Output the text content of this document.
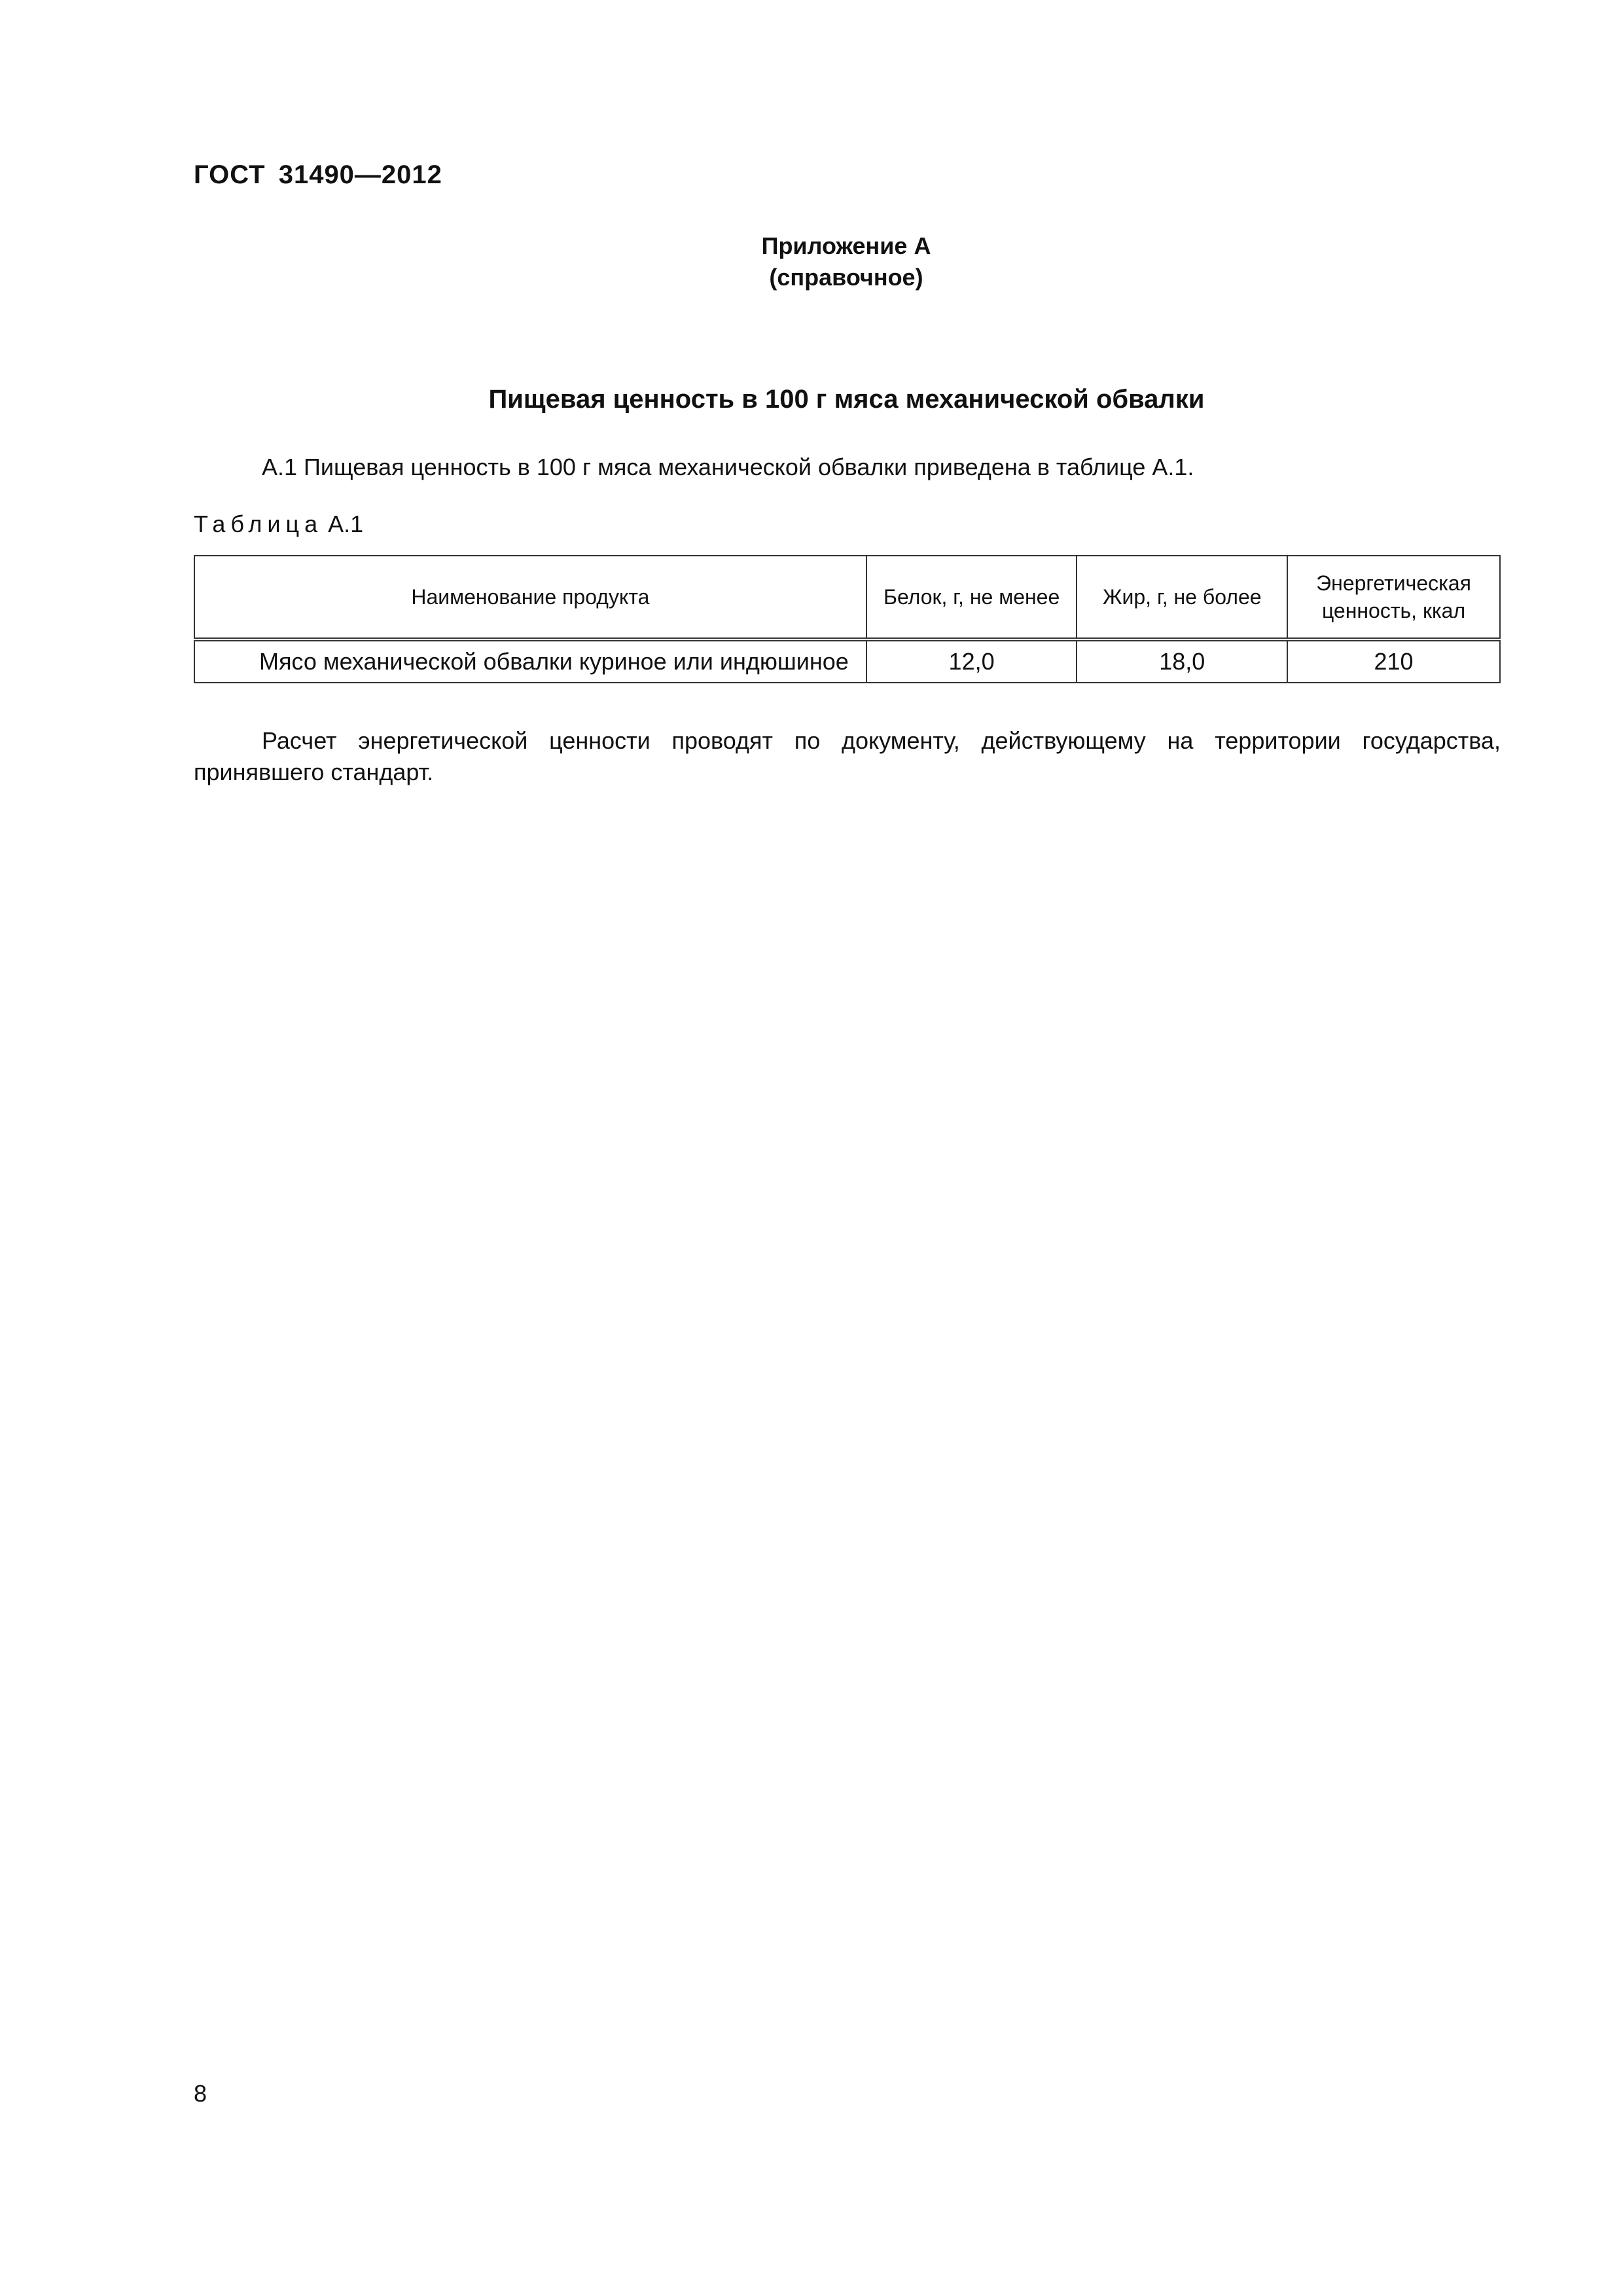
ГОСТ 31490—2012
Приложение А
(справочное)
Пищевая ценность в 100 г мяса механической обвалки
А.1 Пищевая ценность в 100 г мяса механической обвалки приведена в таблице А.1.
Таблица А.1
Наименование продукта	Белок, г, не менее	Жир, г, не более	Энергетическая
ценность, ккал
Мясо механической обвалки куриное или индюшиное	12,0	18,0	210
Расчет энергетической ценности проводят по документу, действующему на территории государства, принявшего стандарт.
8
